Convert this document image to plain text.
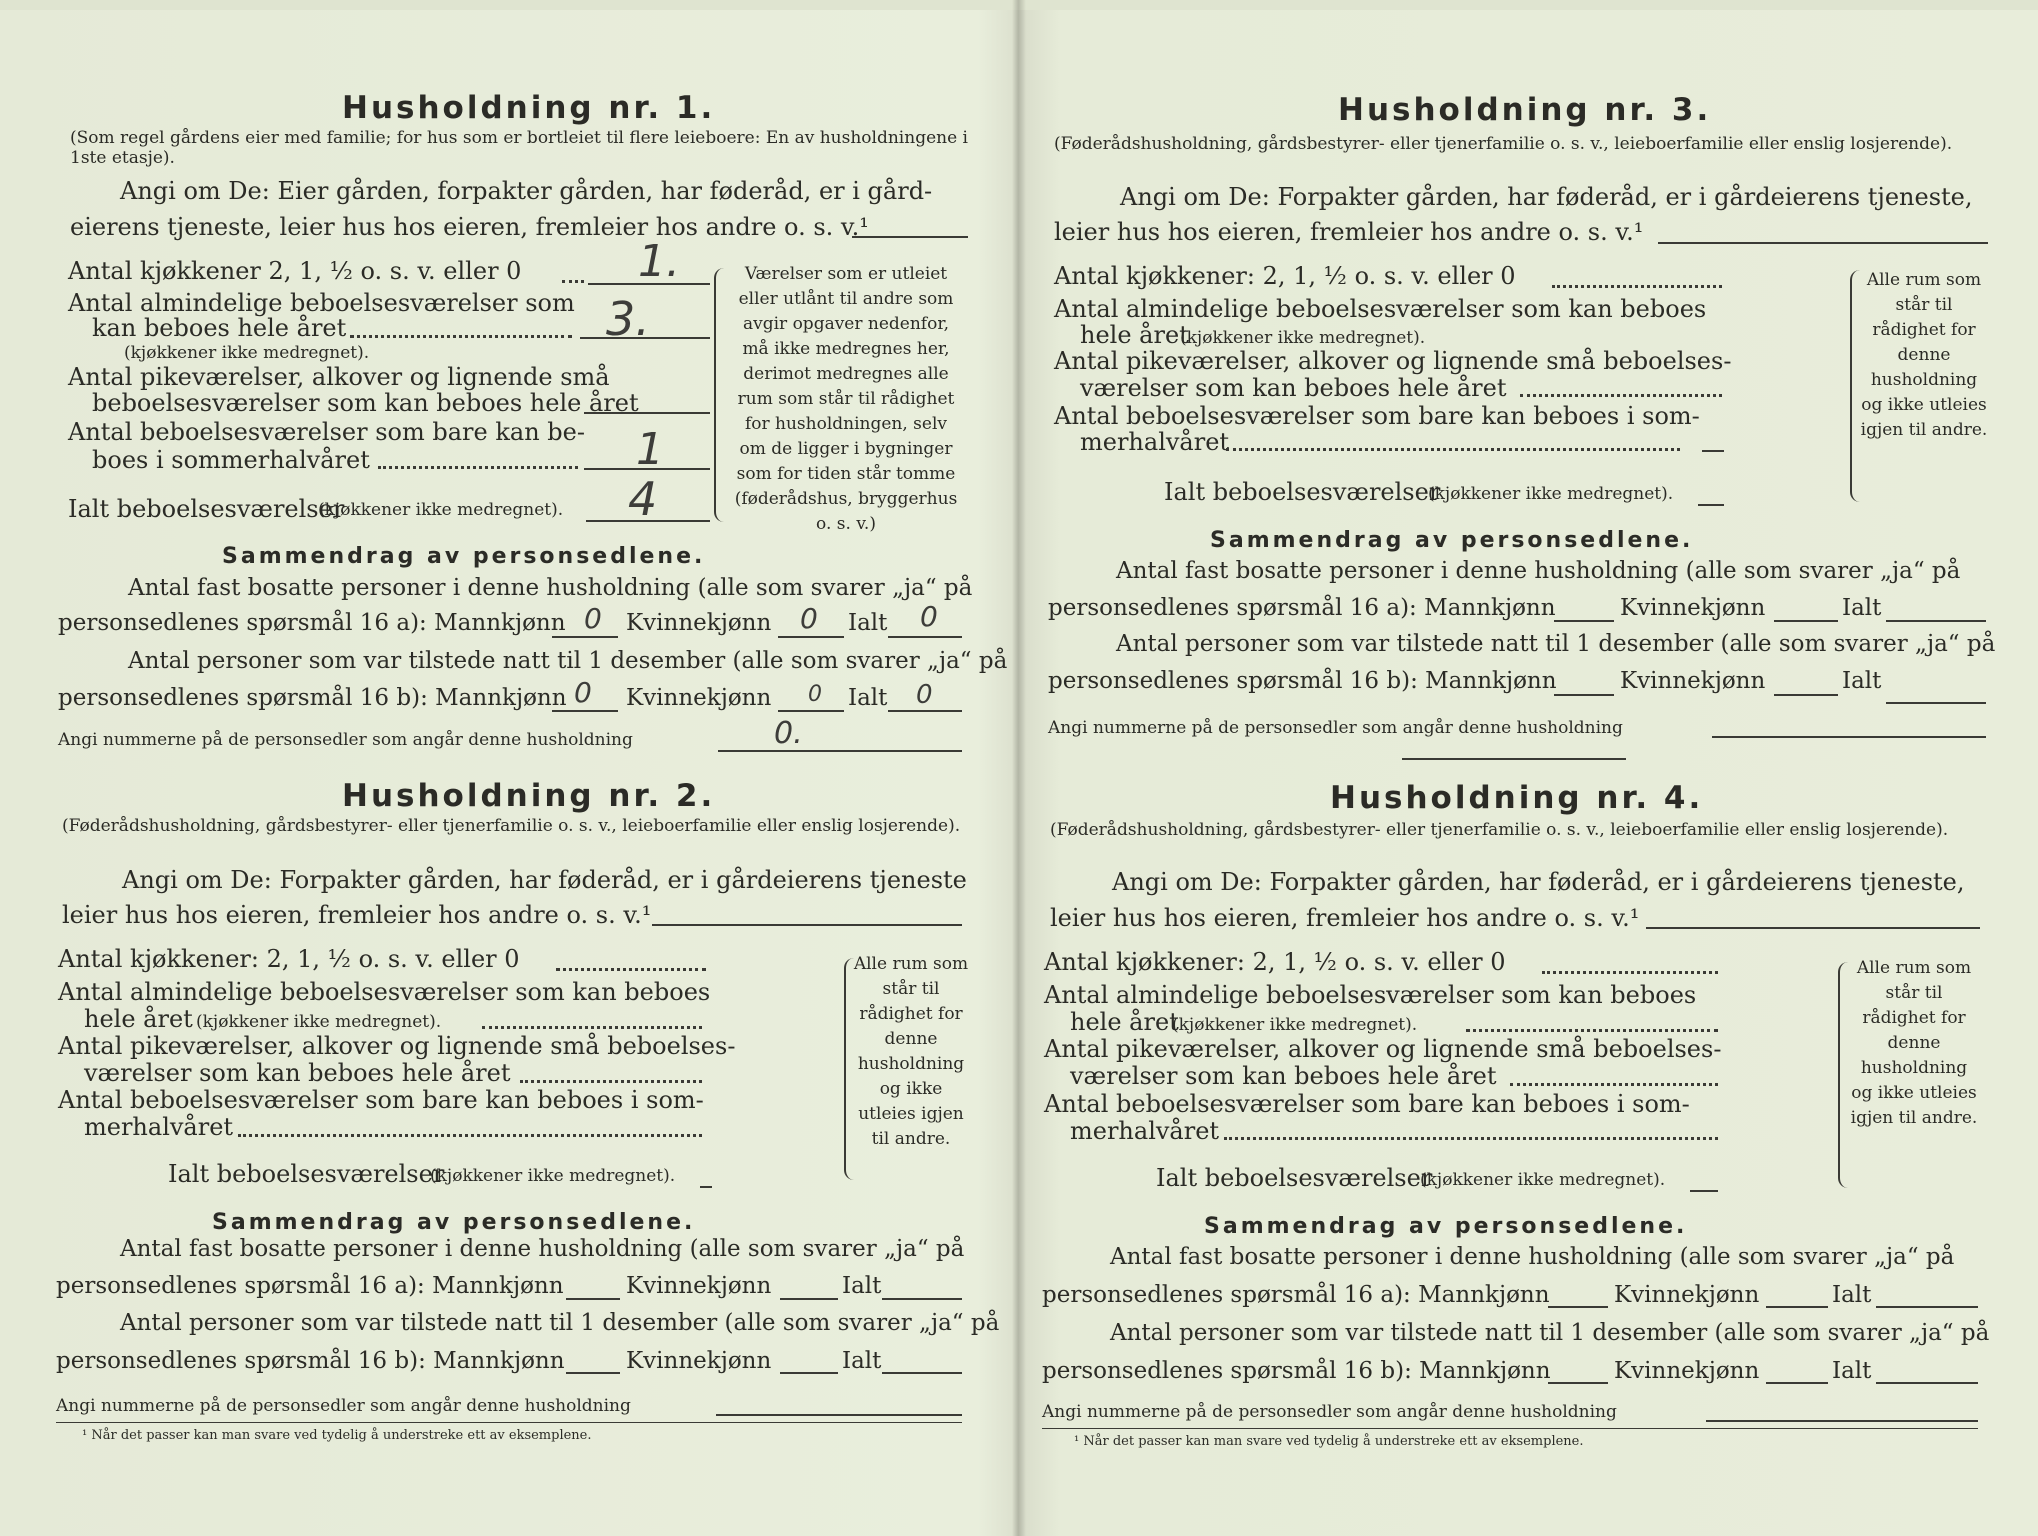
Husholdning nr. 1.
(Som regel gårdens eier med familie; for hus som er bortleiet til flere leieboere: En av husholdningene i 1ste etasje).
Angi om De: Eier gården, forpakter gården, har føderåd, er i gård-
eierens tjeneste, leier hus hos eieren, fremleier hos andre o. s. v.¹
Antal kjøkkener 2, 1, ½ o. s. v. eller 0	1.
Antal almindelige beboelsesværelser som
kan beboes hele året	3.
(kjøkkener ikke medregnet).
Antal pikeværelser, alkover og lignende små
beboelsesværelser som kan beboes hele året
Antal beboelsesværelser som bare kan be-
boes i sommerhalvåret	1
Ialt beboelsesværelser
(kjøkkener ikke medregnet). 4
Værelser som er utleiet eller utlånt til andre som avgir opgaver nedenfor, må ikke medregnes her, derimot medregnes alle rum som står til rådighet for husholdningen, selv om de ligger i bygninger som for tiden står tomme (føderådshus, bryggerhus o. s. v.)
Sammendrag av personsedlene.
Antal fast bosatte personer i denne husholdning (alle som svarer „ja“ på
personsedlenes spørsmål 16 a): Mannkjønn 0 Kvinnekjønn 0 Ialt 0
Antal personer som var tilstede natt til 1 desember (alle som svarer „ja“ på
personsedlenes spørsmål 16 b): Mannkjønn 0 Kvinnekjønn 0 Ialt 0
Angi nummerne på de personsedler som angår denne husholdning	0.
Husholdning nr. 2.
(Føderådshusholdning, gårdsbestyrer- eller tjenerfamilie o. s. v., leieboerfamilie eller enslig losjerende).
Angi om De: Forpakter gården, har føderåd, er i gårdeierens tjeneste
leier hus hos eieren, fremleier hos andre o. s. v.¹
Antal kjøkkener: 2, 1, ½ o. s. v. eller 0
Antal almindelige beboelsesværelser som kan beboes
hele året (kjøkkener ikke medregnet).
Antal pikeværelser, alkover og lignende små beboelses-
værelser som kan beboes hele året
Antal beboelsesværelser som bare kan beboes i som-
merhalvåret
Ialt beboelsesværelser
(kjøkkener ikke medregnet).
Alle rum som står til rådighet for denne husholdning og ikke utleies igjen til andre.
Sammendrag av personsedlene.
Antal fast bosatte personer i denne husholdning (alle som svarer „ja“ på
personsedlenes spørsmål 16 a): Mannkjønn	Kvinnekjønn	Ialt
Antal personer som var tilstede natt til 1 desember (alle som svarer „ja“ på
personsedlenes spørsmål 16 b): Mannkjønn	Kvinnekjønn	Ialt
Angi nummerne på de personsedler som angår denne husholdning
¹ Når det passer kan man svare ved tydelig å understreke ett av eksemplene.
Husholdning nr. 3.
(Føderådshusholdning, gårdsbestyrer- eller tjenerfamilie o. s. v., leieboerfamilie eller enslig losjerende).
Angi om De: Forpakter gården, har føderåd, er i gårdeierens tjeneste,
leier hus hos eieren, fremleier hos andre o. s. v.¹
Antal kjøkkener: 2, 1, ½ o. s. v. eller 0
Antal almindelige beboelsesværelser som kan beboes
hele året
(kjøkkener ikke medregnet).
Antal pikeværelser, alkover og lignende små beboelses-
værelser som kan beboes hele året
Antal beboelsesværelser som bare kan beboes i som-
merhalvåret
Ialt beboelsesværelser
(kjøkkener ikke medregnet).
Alle rum som står til rådighet for denne husholdning og ikke utleies igjen til andre.
Sammendrag av personsedlene.
Antal fast bosatte personer i denne husholdning (alle som svarer „ja“ på
personsedlenes spørsmål 16 a): Mannkjønn	Kvinnekjønn	Ialt
Antal personer som var tilstede natt til 1 desember (alle som svarer „ja“ på
personsedlenes spørsmål 16 b): Mannkjønn	Kvinnekjønn	Ialt
Angi nummerne på de personsedler som angår denne husholdning
Husholdning nr. 4.
(Føderådshusholdning, gårdsbestyrer- eller tjenerfamilie o. s. v., leieboerfamilie eller enslig losjerende).
Angi om De: Forpakter gården, har føderåd, er i gårdeierens tjeneste,
leier hus hos eieren, fremleier hos andre o. s. v.¹
Antal kjøkkener: 2, 1, ½ o. s. v. eller 0
Antal almindelige beboelsesværelser som kan beboes
hele året
(kjøkkener ikke medregnet).
Antal pikeværelser, alkover og lignende små beboelses-
værelser som kan beboes hele året
Antal beboelsesværelser som bare kan beboes i som-
merhalvåret
Ialt beboelsesværelser
(kjøkkener ikke medregnet).
Alle rum som står til rådighet for denne husholdning og ikke utleies igjen til andre.
Sammendrag av personsedlene.
Antal fast bosatte personer i denne husholdning (alle som svarer „ja“ på
personsedlenes spørsmål 16 a): Mannkjønn	Kvinnekjønn	Ialt
Antal personer som var tilstede natt til 1 desember (alle som svarer „ja“ på
personsedlenes spørsmål 16 b): Mannkjønn	Kvinnekjønn	Ialt
Angi nummerne på de personsedler som angår denne husholdning
¹ Når det passer kan man svare ved tydelig å understreke ett av eksemplene.
